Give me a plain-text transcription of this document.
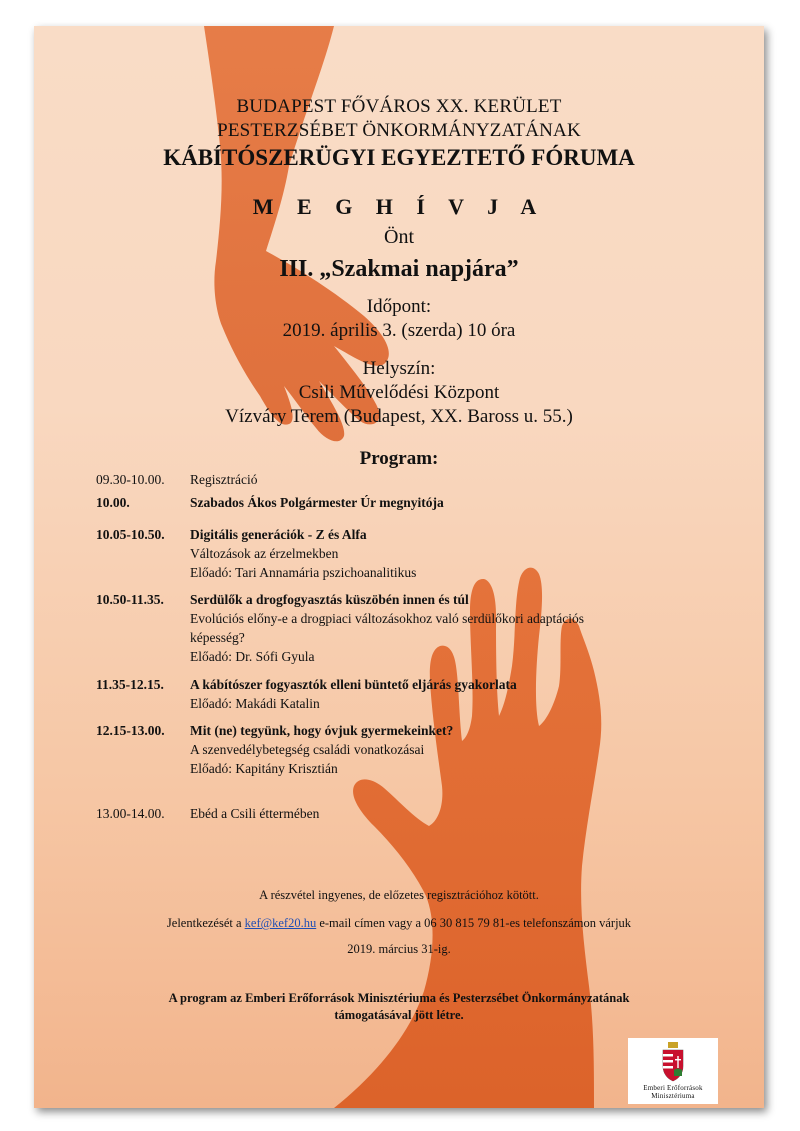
BUDAPEST FŐVÁROS XX. KERÜLET
PESTERZSÉBET ÖNKORMÁNYZATÁNAK
KÁBÍTÓSZERÜGYI EGYEZTETŐ FÓRUMA
M E G H Í V J A
Önt
III. „Szakmai napjára”
Időpont:
2019. április 3. (szerda) 10 óra
Helyszín:
Csili Művelődési Központ
Vízváry Terem (Budapest, XX. Baross u. 55.)
Program:
09.30-10.00.	Regisztráció
10.00.	Szabados Ákos Polgármester Úr megnyitója
10.05-10.50.	Digitális generációk - Z és Alfa
Változások az érzelmekben
Előadó: Tari Annamária pszichoanalitikus
10.50-11.35.	Serdülők a drogfogyasztás küszöbén innen és túl
Evolúciós előny-e a drogpiaci változásokhoz való serdülőkori adaptációs
képesség?
Előadó: Dr. Sófi Gyula
11.35-12.15.	A kábítószer fogyasztók elleni büntető eljárás gyakorlata
Előadó: Makádi Katalin
12.15-13.00.	Mit (ne) tegyünk, hogy óvjuk gyermekeinket?
A szenvedélybetegség családi vonatkozásai
Előadó: Kapitány Krisztián
13.00-14.00.	Ebéd a Csili éttermében
A részvétel ingyenes, de előzetes regisztrációhoz kötött.
Jelentkezését a kef@kef20.hu e-mail címen vagy a 06 30 815 79 81-es telefonszámon várjuk
2019. március 31-ig.
A program az Emberi Erőforrások Minisztériuma és Pesterzsébet Önkormányzatának
támogatásával jött létre.
Emberi Erőforrások
Minisztériuma
